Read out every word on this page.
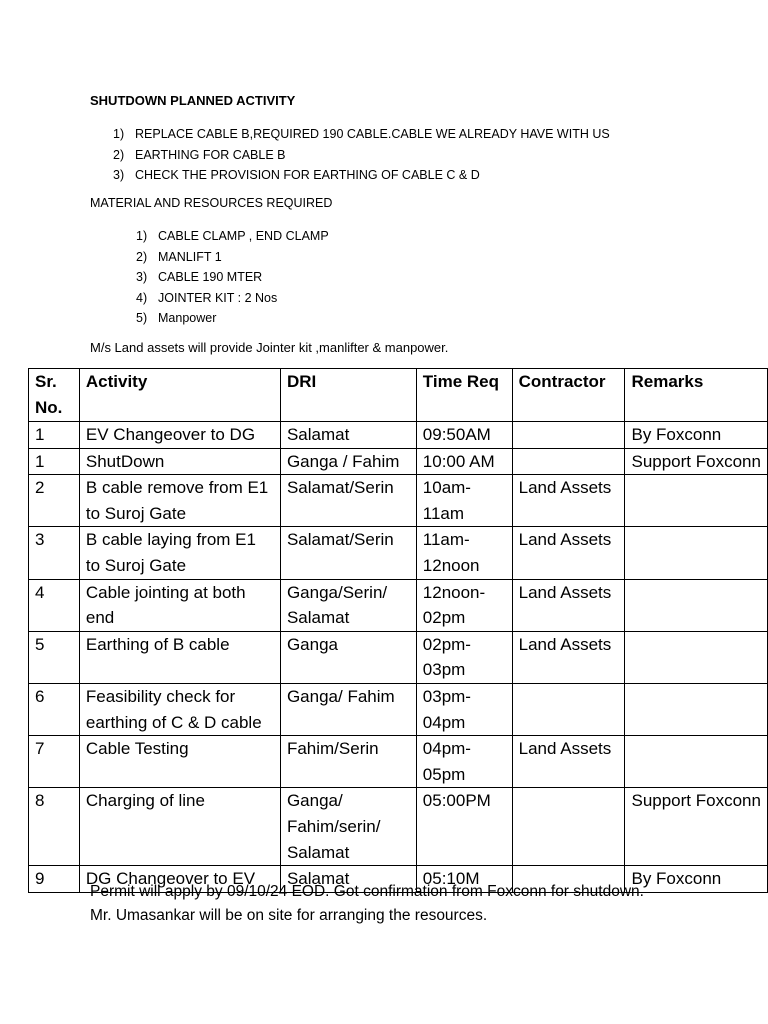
SHUTDOWN PLANNED ACTIVITY
1) REPLACE CABLE B,REQUIRED 190 CABLE.CABLE WE ALREADY HAVE WITH US
2) EARTHING FOR CABLE B
3) CHECK THE PROVISION FOR EARTHING OF CABLE C & D
MATERIAL AND RESOURCES REQUIRED
1) CABLE CLAMP , END CLAMP
2) MANLIFT 1
3) CABLE 190 MTER
4) JOINTER KIT : 2 Nos
5) Manpower
M/s Land assets will provide Jointer kit ,manlifter & manpower.
Sr. No.	Activity	DRI	Time Req	Contractor	Remarks
1	EV Changeover to DG	Salamat	09:50AM		By Foxconn
1	ShutDown	Ganga / Fahim	10:00 AM		Support Foxconn
2	B cable remove from E1 to Suroj Gate	Salamat/Serin	10am- 11am	Land Assets	
3	B cable laying from E1 to Suroj Gate	Salamat/Serin	11am- 12noon	Land Assets	
4	Cable jointing at both end	Ganga/Serin/ Salamat	12noon- 02pm	Land Assets	
5	Earthing of B cable	Ganga	02pm- 03pm	Land Assets	
6	Feasibility check for earthing of C & D cable	Ganga/ Fahim	03pm- 04pm		
7	Cable Testing	Fahim/Serin	04pm- 05pm	Land Assets	
8	Charging of line	Ganga/ Fahim/serin/ Salamat	05:00PM		Support Foxconn
9	DG Changeover to EV	Salamat	05:10M		By Foxconn
Permit will apply by 09/10/24 EOD. Got confirmation from Foxconn for shutdown.
Mr. Umasankar will be on site for arranging the resources.
